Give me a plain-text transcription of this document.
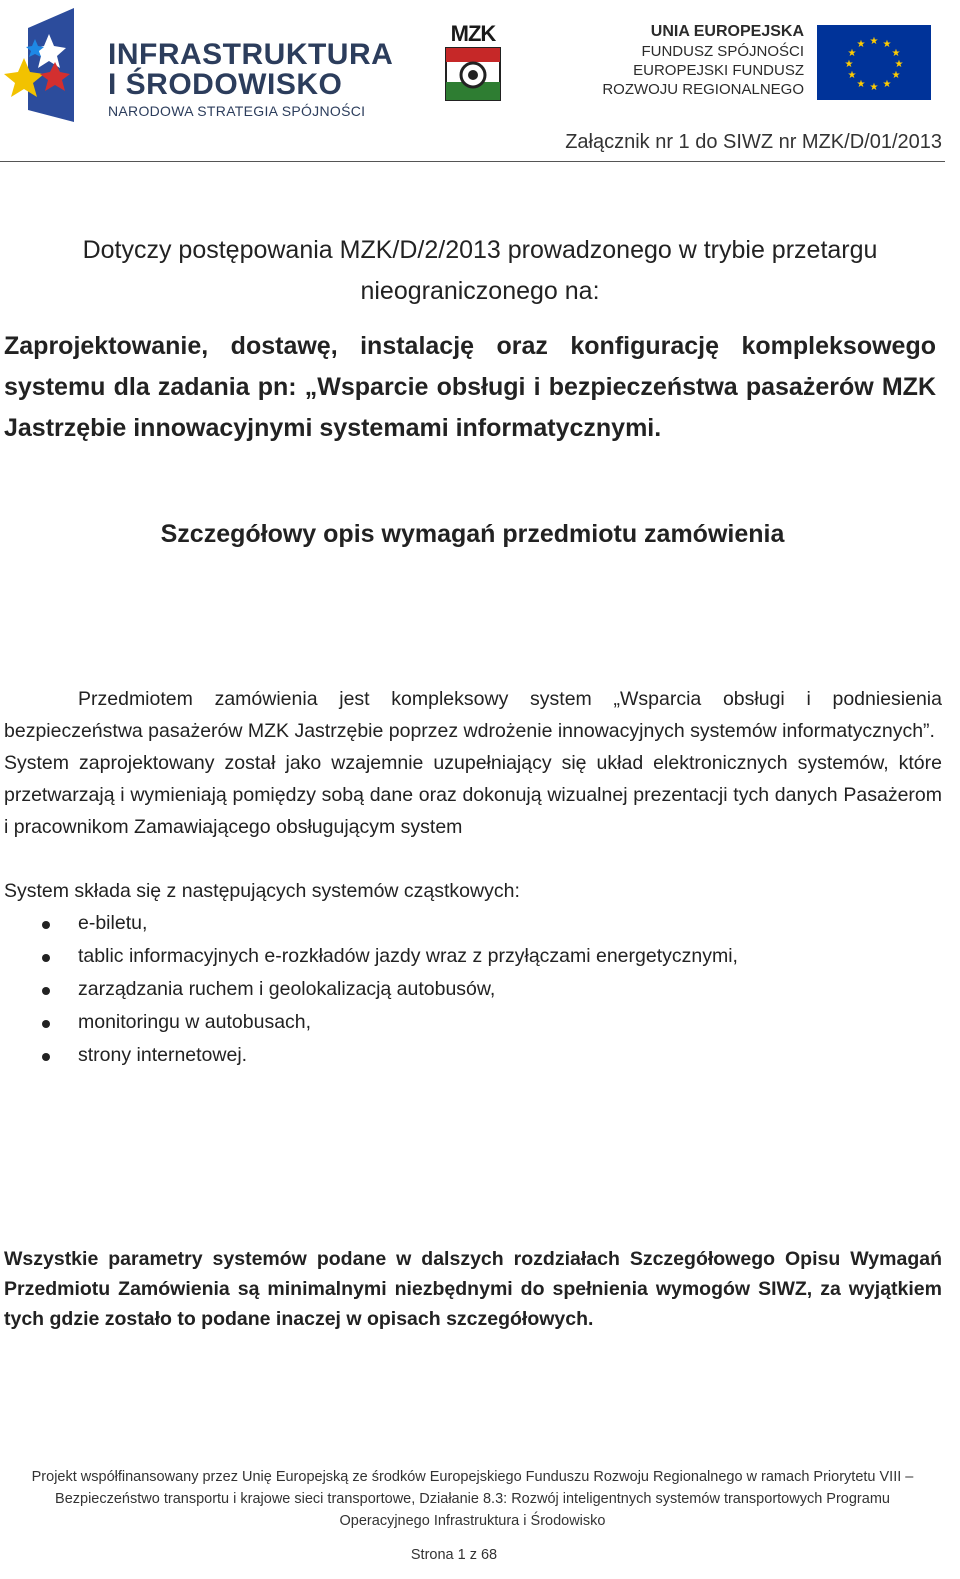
INFRASTRUKTURA
I ŚRODOWISKO
NARODOWA STRATEGIA SPÓJNOŚCI
MZK	UNIA EUROPEJSKA
FUNDUSZ SPÓJNOŚCI
EUROPEJSKI FUNDUSZ
ROZWOJU REGIONALNEGO
★ ★
★
★
★
★
★
★
★
★
★
★
Załącznik nr 1 do SIWZ nr MZK/D/01/2013
Dotyczy postępowania MZK/D/2/2013 prowadzonego w trybie przetargu
nieograniczonego na:
Zaprojektowanie, dostawę, instalację oraz konfigurację kompleksowego systemu dla zadania pn: „Wsparcie obsługi i bezpieczeństwa pasażerów MZK Jastrzębie innowacyjnymi systemami informatycznymi.
Szczegółowy opis wymagań przedmiotu zamówienia

Przedmiotem zamówienia jest kompleksowy system „Wsparcia obsługi i podniesienia bezpieczeństwa pasażerów MZK Jastrzębie poprzez wdrożenie innowacyjnych systemów informatycznych”.

System zaprojektowany został jako wzajemnie uzupełniający się układ elektronicznych systemów, które przetwarzają i wymieniają pomiędzy sobą dane oraz dokonują wizualnej prezentacji tych danych Pasażerom i pracownikom Zamawiającego obsługującym system

System składa się z następujących systemów cząstkowych:

e-biletu,
tablic informacyjnych e-rozkładów jazdy wraz z przyłączami energetycznymi,
zarządzania ruchem i geolokalizacją autobusów,
monitoringu w autobusach,
strony internetowej.
Wszystkie parametry systemów podane w dalszych rozdziałach Szczegółowego Opisu Wymagań Przedmiotu Zamówienia są minimalnymi niezbędnymi do spełnienia wymogów SIWZ, za wyjątkiem tych gdzie zostało to podane inaczej w opisach szczegółowych.
Projekt współfinansowany przez Unię Europejską ze środków Europejskiego Funduszu Rozwoju Regionalnego w ramach Priorytetu VIII –
Bezpieczeństwo transportu i krajowe sieci transportowe, Działanie 8.3: Rozwój inteligentnych systemów transportowych Programu
Operacyjnego Infrastruktura i Środowisko
Strona 1 z 68
